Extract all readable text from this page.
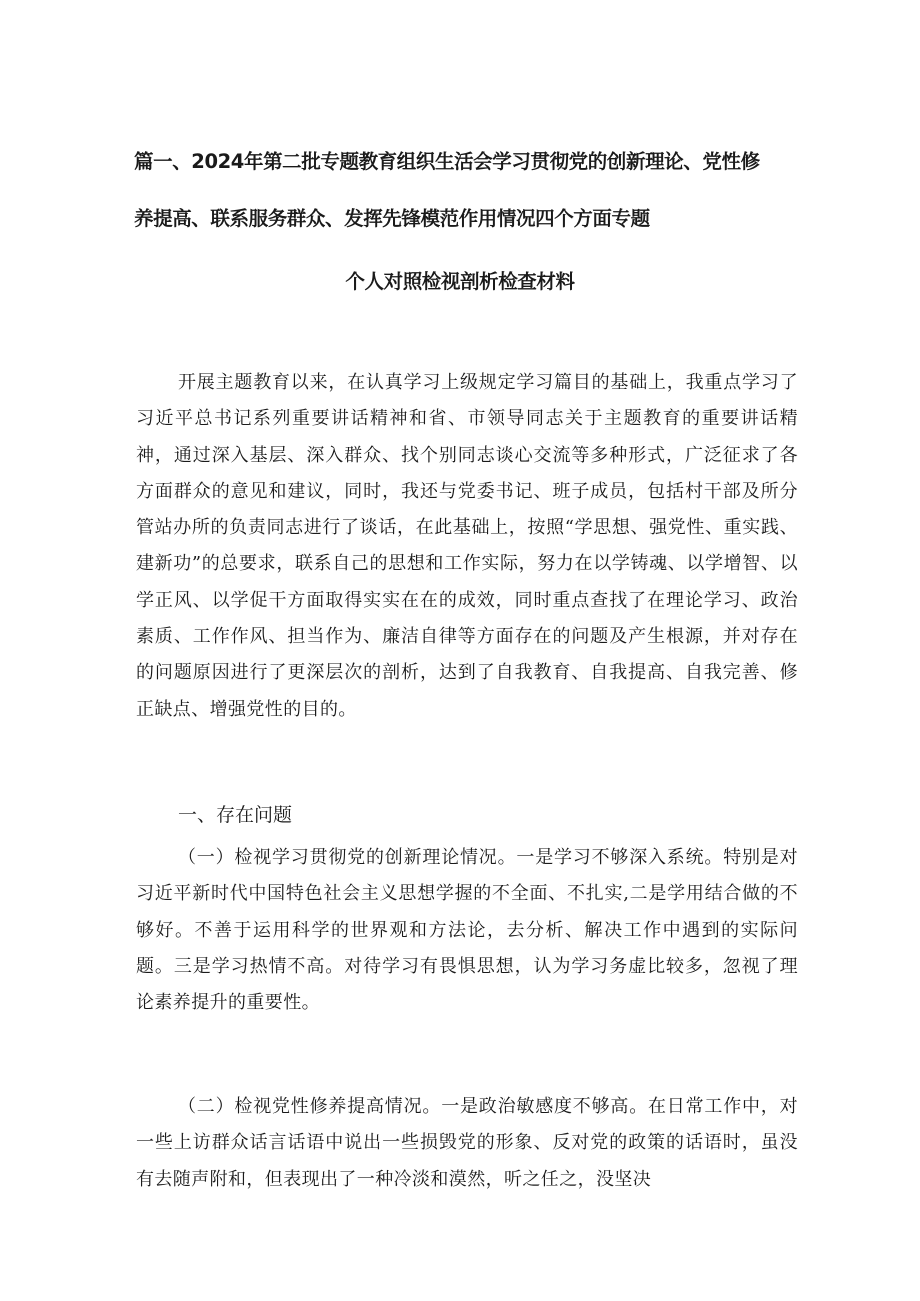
篇一、2024年第二批专题教育组织生活会学习贯彻党的创新理论、党性修
养提高、联系服务群众、发挥先锋模范作用情况四个方面专题
个人对照检视剖析检查材料
开展主题教育以来，在认真学习上级规定学习篇目的基础上，我重点学习了习近平总书记系列重要讲话精神和省、市领导同志关于主题教育的重要讲话精神，通过深入基层、深入群众、找个别同志谈心交流等多种形式，广泛征求了各方面群众的意见和建议，同时，我还与党委书记、班子成员，包括村干部及所分管站办所的负责同志进行了谈话，在此基础上，按照“学思想、强党性、重实践、建新功”的总要求，联系自己的思想和工作实际，努力在以学铸魂、以学增智、以学正风、以学促干方面取得实实在在的成效，同时重点查找了在理论学习、政治素质、工作作风、担当作为、廉洁自律等方面存在的问题及产生根源，并对存在的问题原因进行了更深层次的剖析，达到了自我教育、自我提高、自我完善、修正缺点、增强党性的目的。
一、存在问题
（一）检视学习贯彻党的创新理论情况。一是学习不够深入系统。特别是对习近平新时代中国特色社会主义思想学握的不全面、不扎实,二是学用结合做的不够好。不善于运用科学的世界观和方法论，去分析、解决工作中遇到的实际问题。三是学习热情不高。对待学习有畏惧思想，认为学习务虚比较多，忽视了理论素养提升的重要性。
（二）检视党性修养提高情况。一是政治敏感度不够高。在日常工作中，对一些上访群众话言话语中说出一些损毁党的形象、反对党的政策的话语时，虽没有去随声附和，但表现出了一种冷淡和漠然，听之任之，没坚决
